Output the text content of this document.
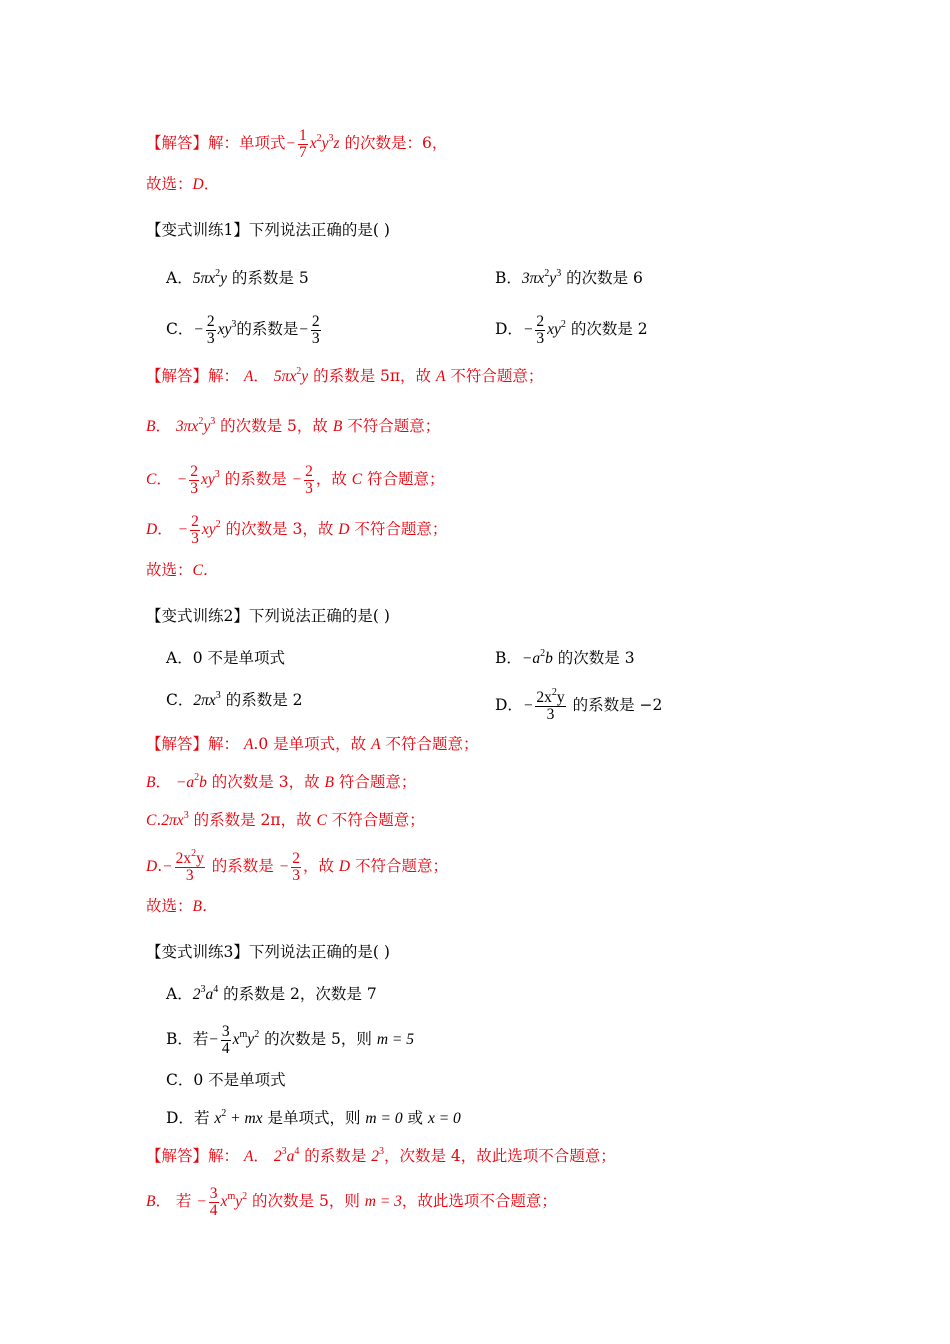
【解答】解：单项式− $\frac{1}{7} x^2y^3z$ 的次数是：6，
故选：D．
【变式训练1】下列说法正确的是( )
A．$5\pi x^2y$ 的系数是 5	B．$3\pi x^2y^3$ 的次数是 6
C．− $\frac{2}{3} xy^3$的系数是− $\frac{2}{3}$	D．− $\frac{2}{3} xy^2$ 的次数是 2
【解答】解： A． $5\pi x^2y$ 的系数是 5π，故 A 不符合题意；
B． $3\pi x^2y^3$ 的次数是 5，故 B 不符合题意；
C． − $\frac{2}{3} xy^3$ 的系数是 − $\frac{2}{3}$ ，故 C 符合题意；
D． − $\frac{2}{3} xy^2$ 的次数是 3，故 D 不符合题意；
故选：C．
【变式训练2】下列说法正确的是( )
A．0 不是单项式	B．$-a^2b$ 的次数是 3
C．$2\pi x^3$ 的系数是 2	D．− $\frac{2x^2y}{3}$ 的系数是 −2
【解答】解： A.0 是单项式，故 A 不符合题意；
B． $-a^2b$ 的次数是 3，故 B 符合题意；
$C.2\pi x^3$ 的系数是 2π，故 C 不符合题意；
$D.- \frac{2x^2y}{3}$ 的系数是 − $\frac{2}{3}$ ，故 D 不符合题意；
故选：B．
【变式训练3】下列说法正确的是( )
A．$2^3a^4$ 的系数是 2，次数是 7
B．若− $\frac{3}{4} x^my^2$ 的次数是 5，则 m = 5
C．0 不是单项式
D．若 $x^2$ + mx 是单项式，则 m = 0 或 x = 0
【解答】解： A． $2^3a^4$ 的系数是 $2^3$，次数是 4，故此选项不合题意；
B． 若 − $\frac{3}{4} x^my^2$ 的次数是 5，则 m = 3，故此选项不合题意；
